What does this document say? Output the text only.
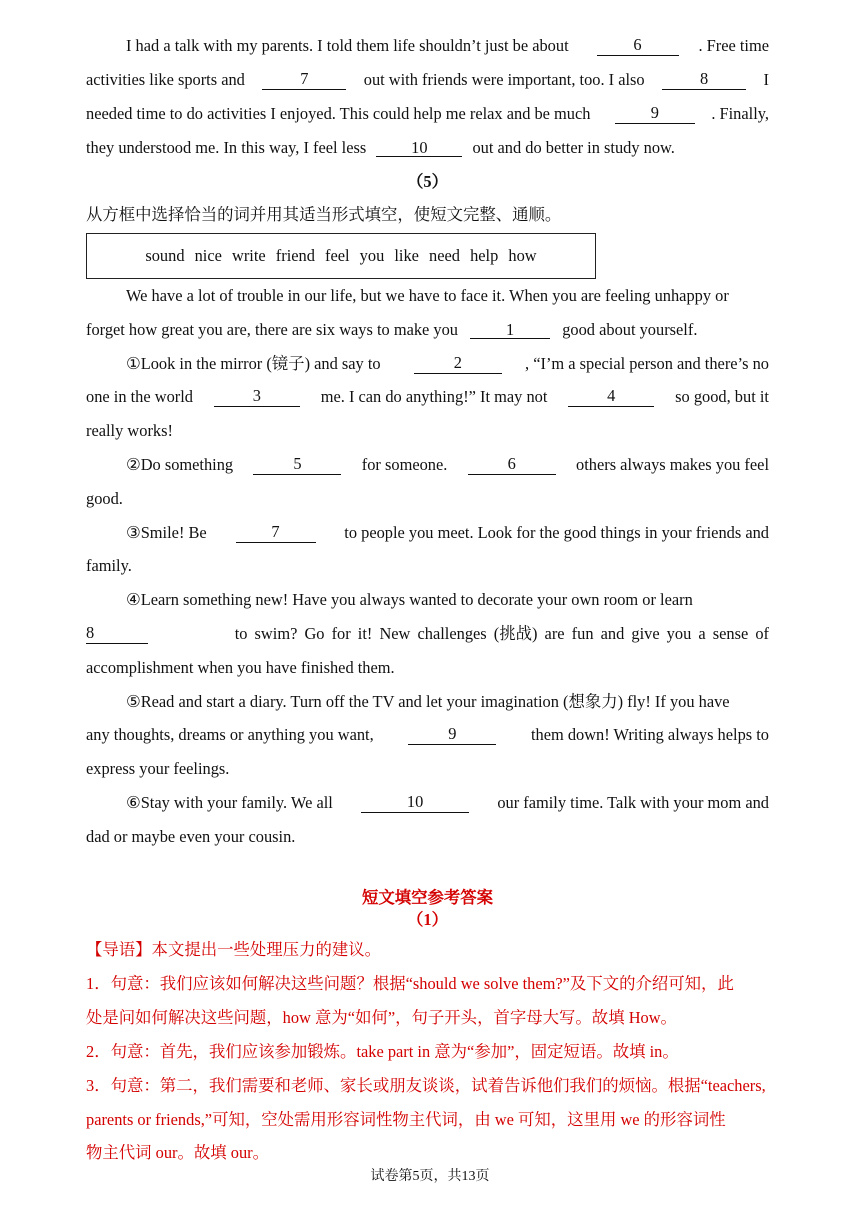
I had a talk with my parents. I told them life shouldn’t just be about	6	. Free time
activities like sports and	7	out with friends were important, too. I also	8	I
needed time to do activities I enjoyed. This could help me relax and be much	9	. Finally,
they understood me. In this way, I feel less	10	out and do better in study now.
（5）
从方框中选择恰当的词并用其适当形式填空，使短文完整、通顺。
sound nice write friend feel you like need help how
We have a lot of trouble in our life, but we have to face it. When you are feeling unhappy or
forget how great you are, there are six ways to make you	1	good about yourself.
①Look in the mirror (镜子) and say to	2	, “I’m a special person and there’s no
one in the world	3	me. I can do anything!” It may not	4	so good, but it
really works!
②Do something	5	for someone.	6	others always makes you feel
good.
③Smile! Be	7	to people you meet. Look for the good things in your friends and
family.
④Learn something new! Have you always wanted to decorate your own room or learn
8	to swim? Go for it! New challenges (挑战) are fun and give you a sense of
accomplishment when you have finished them.
⑤Read and start a diary. Turn off the TV and let your imagination (想象力) fly! If you have
any thoughts, dreams or anything you want,	9	them down! Writing always helps to
express your feelings.
⑥Stay with your family. We all	10	our family time. Talk with your mom and
dad or maybe even your cousin.
短文填空参考答案
（1）
【导语】本文提出一些处理压力的建议。
1．句意：我们应该如何解决这些问题？根据“should we solve them?”及下文的介绍可知，此
处是问如何解决这些问题，how 意为“如何”，句子开头，首字母大写。故填 How。
2．句意：首先，我们应该参加锻炼。take part in 意为“参加”，固定短语。故填 in。
3．句意：第二，我们需要和老师、家长或朋友谈谈，试着告诉他们我们的烦恼。根据“teachers,
parents or friends,”可知，空处需用形容词性物主代词，由 we 可知，这里用 we 的形容词性
物主代词 our。故填 our。
试卷第5页，共13页
